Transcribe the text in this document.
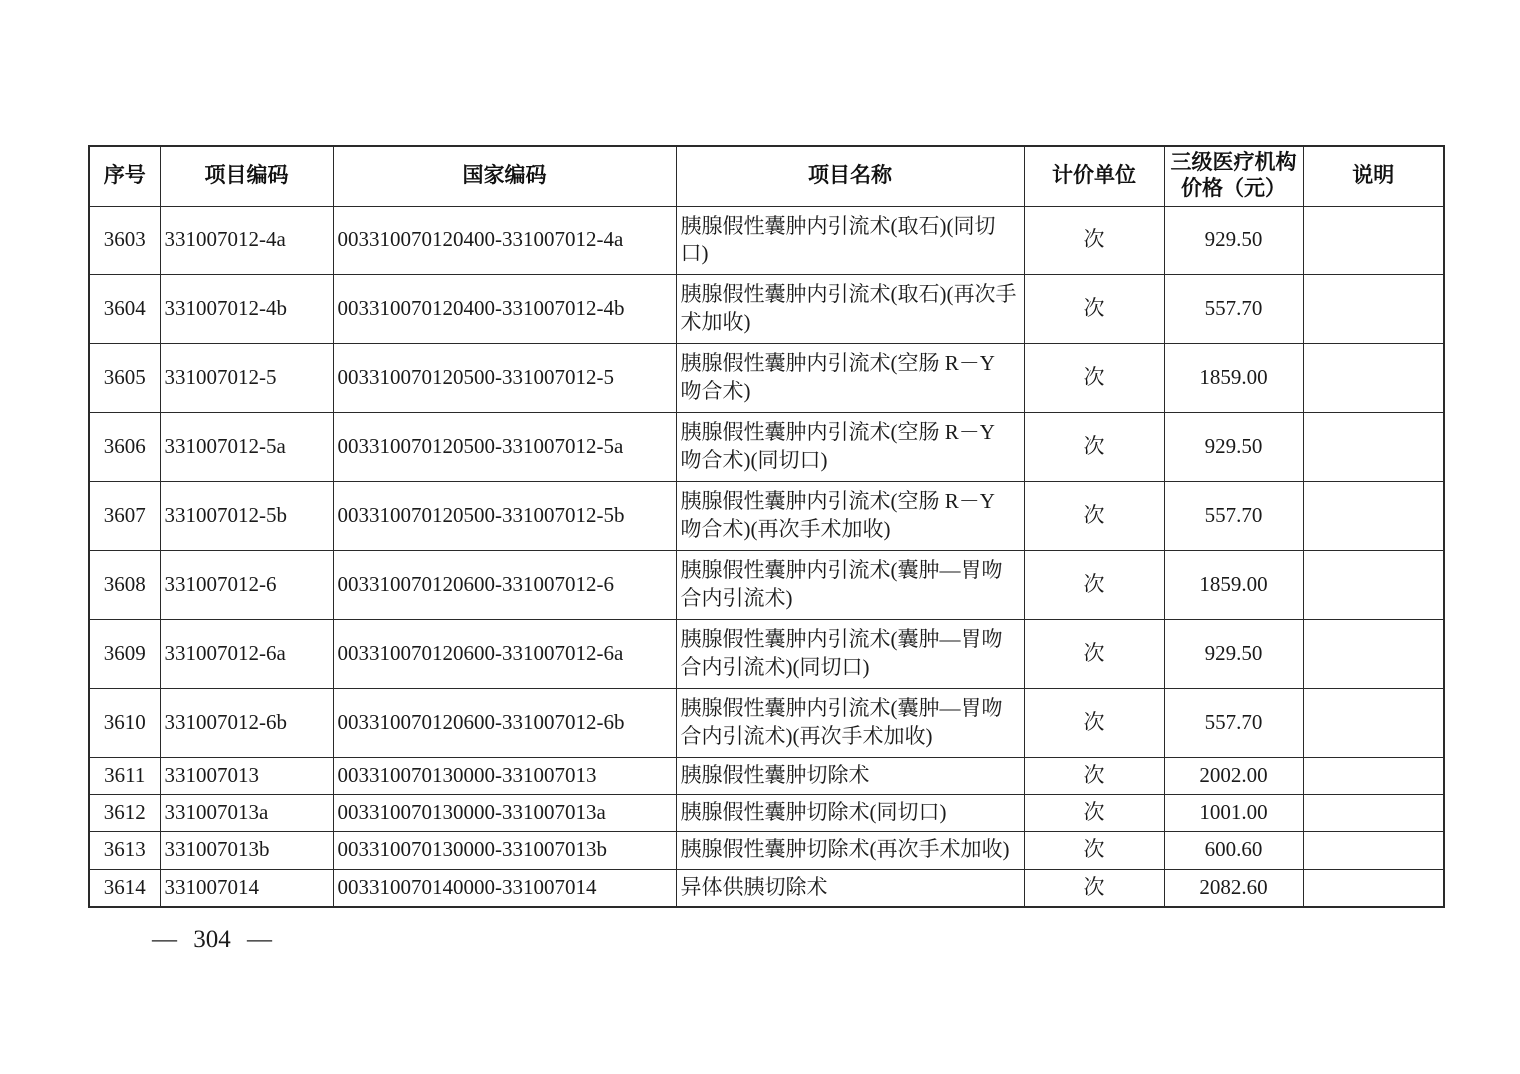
序号	项目编码	国家编码	项目名称	计价单位	三级医疗机构价格（元）	说明
3603	331007012-4a	003310070120400-331007012-4a	胰腺假性囊肿内引流术(取石)(同切口)	次	929.50	
3604	331007012-4b	003310070120400-331007012-4b	胰腺假性囊肿内引流术(取石)(再次手术加收)	次	557.70	
3605	331007012-5	003310070120500-331007012-5	胰腺假性囊肿内引流术(空肠 R－Y 吻合术)	次	1859.00	
3606	331007012-5a	003310070120500-331007012-5a	胰腺假性囊肿内引流术(空肠 R－Y 吻合术)(同切口)	次	929.50	
3607	331007012-5b	003310070120500-331007012-5b	胰腺假性囊肿内引流术(空肠 R－Y 吻合术)(再次手术加收)	次	557.70	
3608	331007012-6	003310070120600-331007012-6	胰腺假性囊肿内引流术(囊肿—胃吻合内引流术)	次	1859.00	
3609	331007012-6a	003310070120600-331007012-6a	胰腺假性囊肿内引流术(囊肿—胃吻合内引流术)(同切口)	次	929.50	
3610	331007012-6b	003310070120600-331007012-6b	胰腺假性囊肿内引流术(囊肿—胃吻合内引流术)(再次手术加收)	次	557.70	
3611	331007013	003310070130000-331007013	胰腺假性囊肿切除术	次	2002.00	
3612	331007013a	003310070130000-331007013a	胰腺假性囊肿切除术(同切口)	次	1001.00	
3613	331007013b	003310070130000-331007013b	胰腺假性囊肿切除术(再次手术加收)	次	600.60	
3614	331007014	003310070140000-331007014	异体供胰切除术	次	2082.60	
— 304 —
